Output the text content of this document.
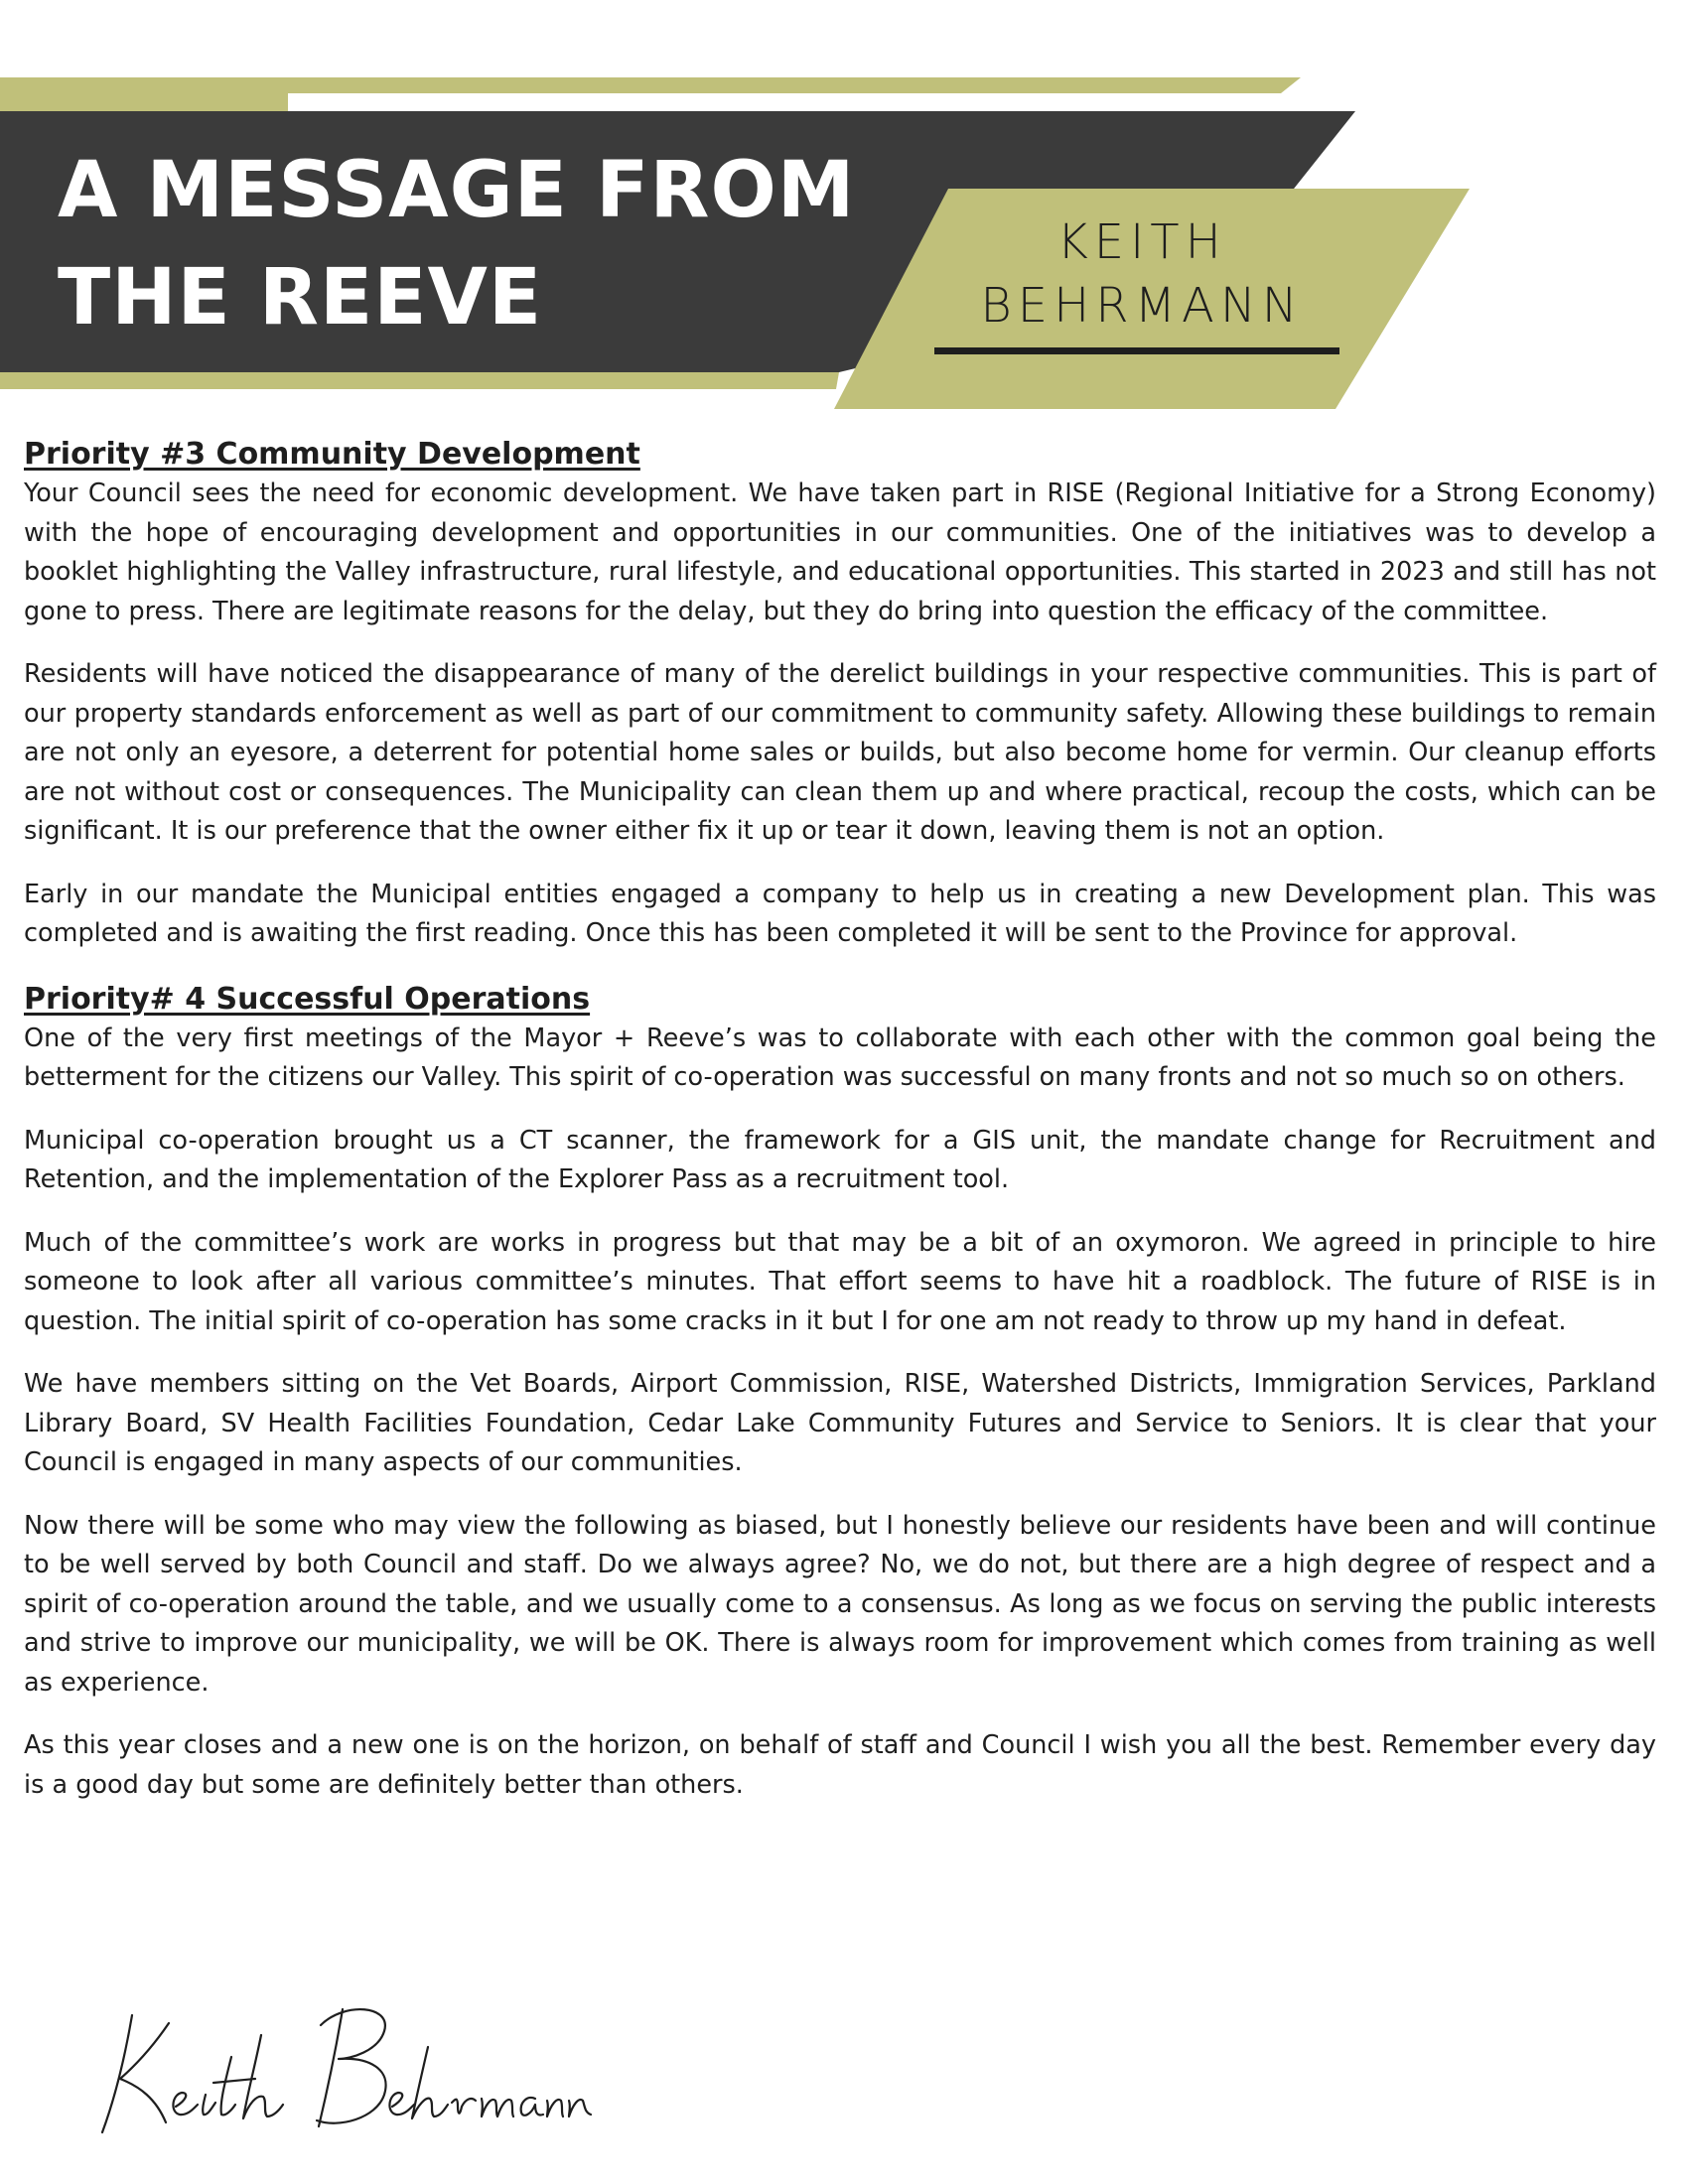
A MESSAGE FROM
THE REEVE
KEITH
BEHRMANN
Priority #3 Community Development

Your Council sees the need for economic development. We have taken part in RISE (Regional Initiative for a Strong Economy) with the hope of encouraging development and opportunities in our communities. One of the initiatives was to develop a booklet highlighting the Valley infrastructure, rural lifestyle, and educational opportunities. This started in 2023 and still has not gone to press. There are legitimate reasons for the delay, but they do bring into question the efficacy of the committee.

Residents will have noticed the disappearance of many of the derelict buildings in your respective communities. This is part of our property standards enforcement as well as part of our commitment to community safety. Allowing these buildings to remain are not only an eyesore, a deterrent for potential home sales or builds, but also become home for vermin. Our cleanup efforts are not without cost or consequences. The Municipality can clean them up and where practical, recoup the costs, which can be significant. It is our preference that the owner either fix it up or tear it down, leaving them is not an option.

Early in our mandate the Municipal entities engaged a company to help us in creating a new Development plan. This was completed and is awaiting the first reading. Once this has been completed it will be sent to the Province for approval.

Priority# 4 Successful Operations

One of the very first meetings of the Mayor + Reeve’s was to collaborate with each other with the common goal being the betterment for the citizens our Valley. This spirit of co-operation was successful on many fronts and not so much so on others.

Municipal co-operation brought us a CT scanner, the framework for a GIS unit, the mandate change for Recruitment and Retention, and the implementation of the Explorer Pass as a recruitment tool.

Much of the committee’s work are works in progress but that may be a bit of an oxymoron. We agreed in principle to hire someone to look after all various committee’s minutes. That effort seems to have hit a roadblock. The future of RISE is in question. The initial spirit of co-operation has some cracks in it but I for one am not ready to throw up my hand in defeat.

We have members sitting on the Vet Boards, Airport Commission, RISE, Watershed Districts, Immigration Services, Parkland Library Board, SV Health Facilities Foundation, Cedar Lake Community Futures and Service to Seniors. It is clear that your Council is engaged in many aspects of our communities.

Now there will be some who may view the following as biased, but I honestly believe our residents have been and will continue to be well served by both Council and staff. Do we always agree? No, we do not, but there are a high degree of respect and a spirit of co-operation around the table, and we usually come to a consensus. As long as we focus on serving the public interests and strive to improve our municipality, we will be OK. There is always room for improvement which comes from training as well as experience.

As this year closes and a new one is on the horizon, on behalf of staff and Council I wish you all the best. Remember every day is a good day but some are definitely better than others.
